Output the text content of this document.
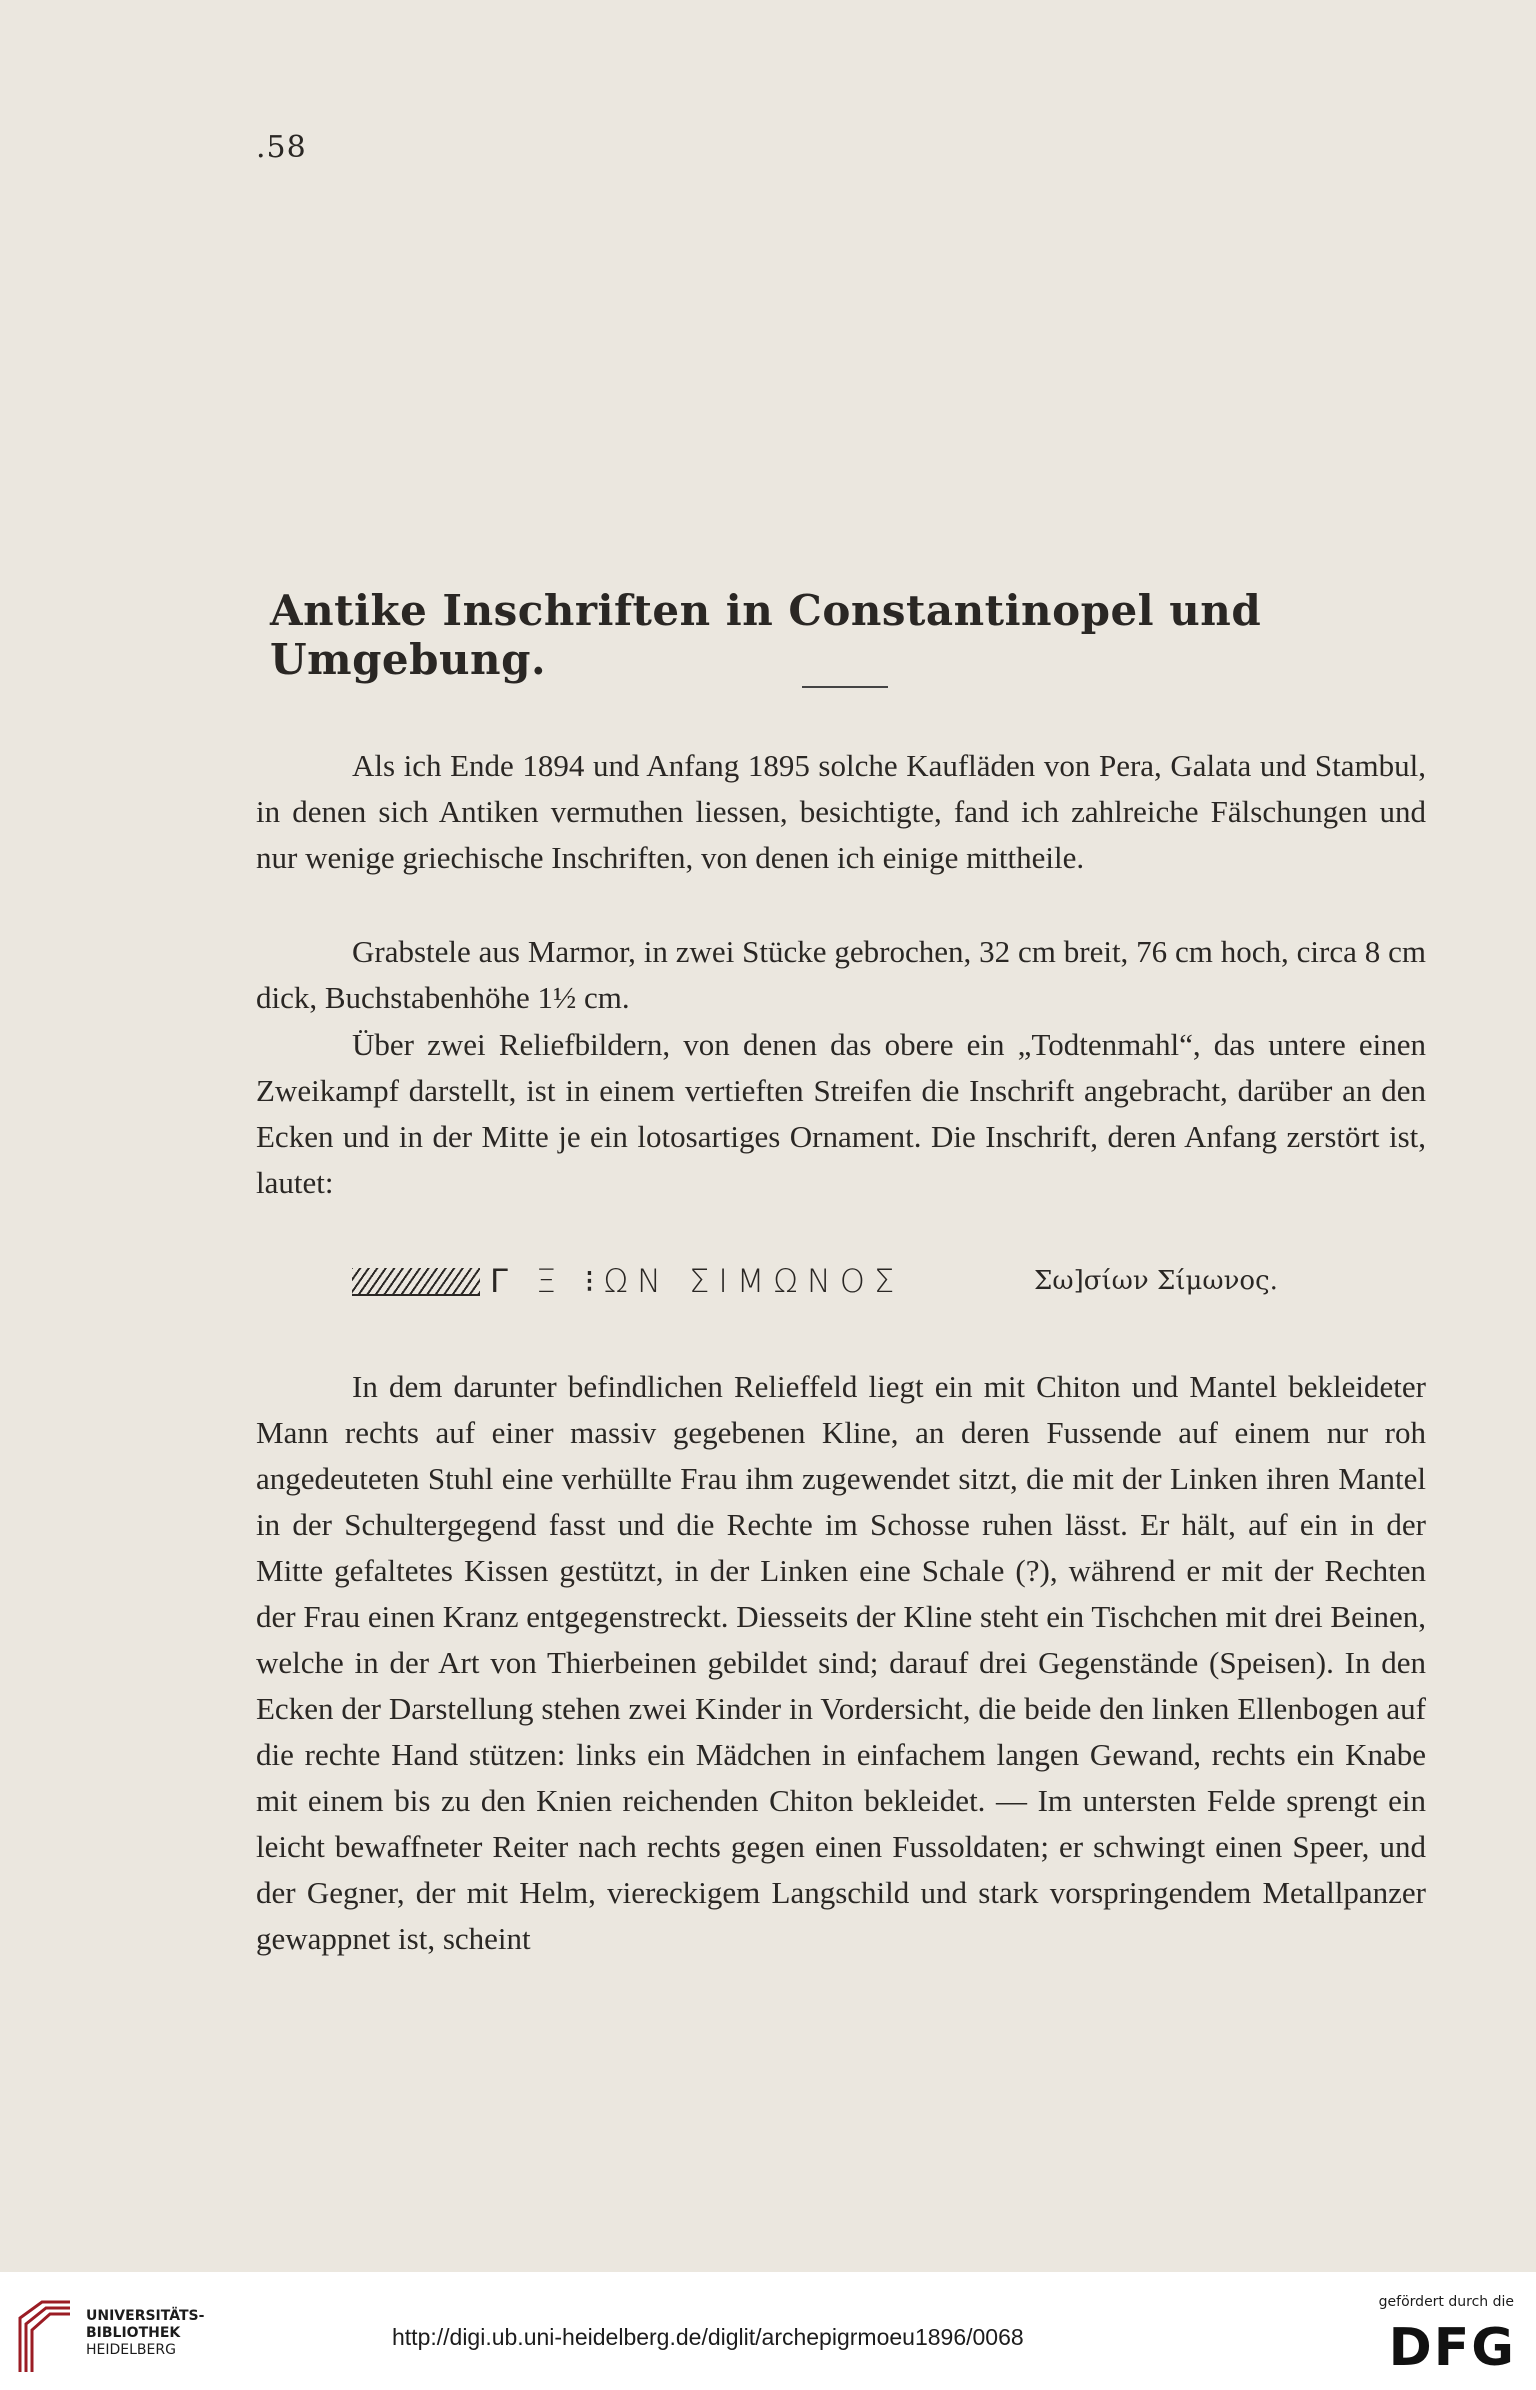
.58
Antike Inschriften in Constantinopel und Umgebung.

Als ich Ende 1894 und Anfang 1895 solche Kaufläden von Pera, Galata und Stambul, in denen sich Antiken vermuthen liessen, besichtigte, fand ich zahlreiche Fälschungen und nur wenige griechische Inschriften, von denen ich einige mittheile.

Grabstele aus Marmor, in zwei Stücke gebrochen, 32 cm breit, 76 cm hoch, circa 8 cm dick, Buchstabenhöhe 1½ cm.

Über zwei Reliefbildern, von denen das obere ein „Todtenmahl“, das untere einen Zweikampf darstellt, ist in einem vertieften Streifen die Inschrift angebracht, darüber an den Ecken und in der Mitte je ein lotosartiges Ornament. Die Inschrift, deren Anfang zerstört ist, lautet:

ᒥ Ξ ⁝ΩΝ ΣΙΜΩΝΟΣ	Σω]σίων Σίμωνος.

In dem darunter befindlichen Relieffeld liegt ein mit Chiton und Mantel bekleideter Mann rechts auf einer massiv gegebenen Kline, an deren Fussende auf einem nur roh angedeuteten Stuhl eine verhüllte Frau ihm zugewendet sitzt, die mit der Linken ihren Mantel in der Schultergegend fasst und die Rechte im Schosse ruhen lässt. Er hält, auf ein in der Mitte gefaltetes Kissen gestützt, in der Linken eine Schale (?), während er mit der Rechten der Frau einen Kranz entgegenstreckt. Diesseits der Kline steht ein Tischchen mit drei Beinen, welche in der Art von Thierbeinen gebildet sind; darauf drei Gegenstände (Speisen). In den Ecken der Darstellung stehen zwei Kinder in Vordersicht, die beide den linken Ellenbogen auf die rechte Hand stützen: links ein Mädchen in einfachem langen Gewand, rechts ein Knabe mit einem bis zu den Knien reichenden Chiton bekleidet. — Im untersten Felde sprengt ein leicht bewaffneter Reiter nach rechts gegen einen Fussoldaten; er schwingt einen Speer, und der Gegner, der mit Helm, viereckigem Langschild und stark vorspringendem Metallpanzer gewappnet ist, scheint

UNIVERSITÄTS-
BIBLIOTHEK
HEIDELBERG	http://digi.ub.uni-heidelberg.de/diglit/archepigrmoeu1896/0068
gefördert durch die
DFG
